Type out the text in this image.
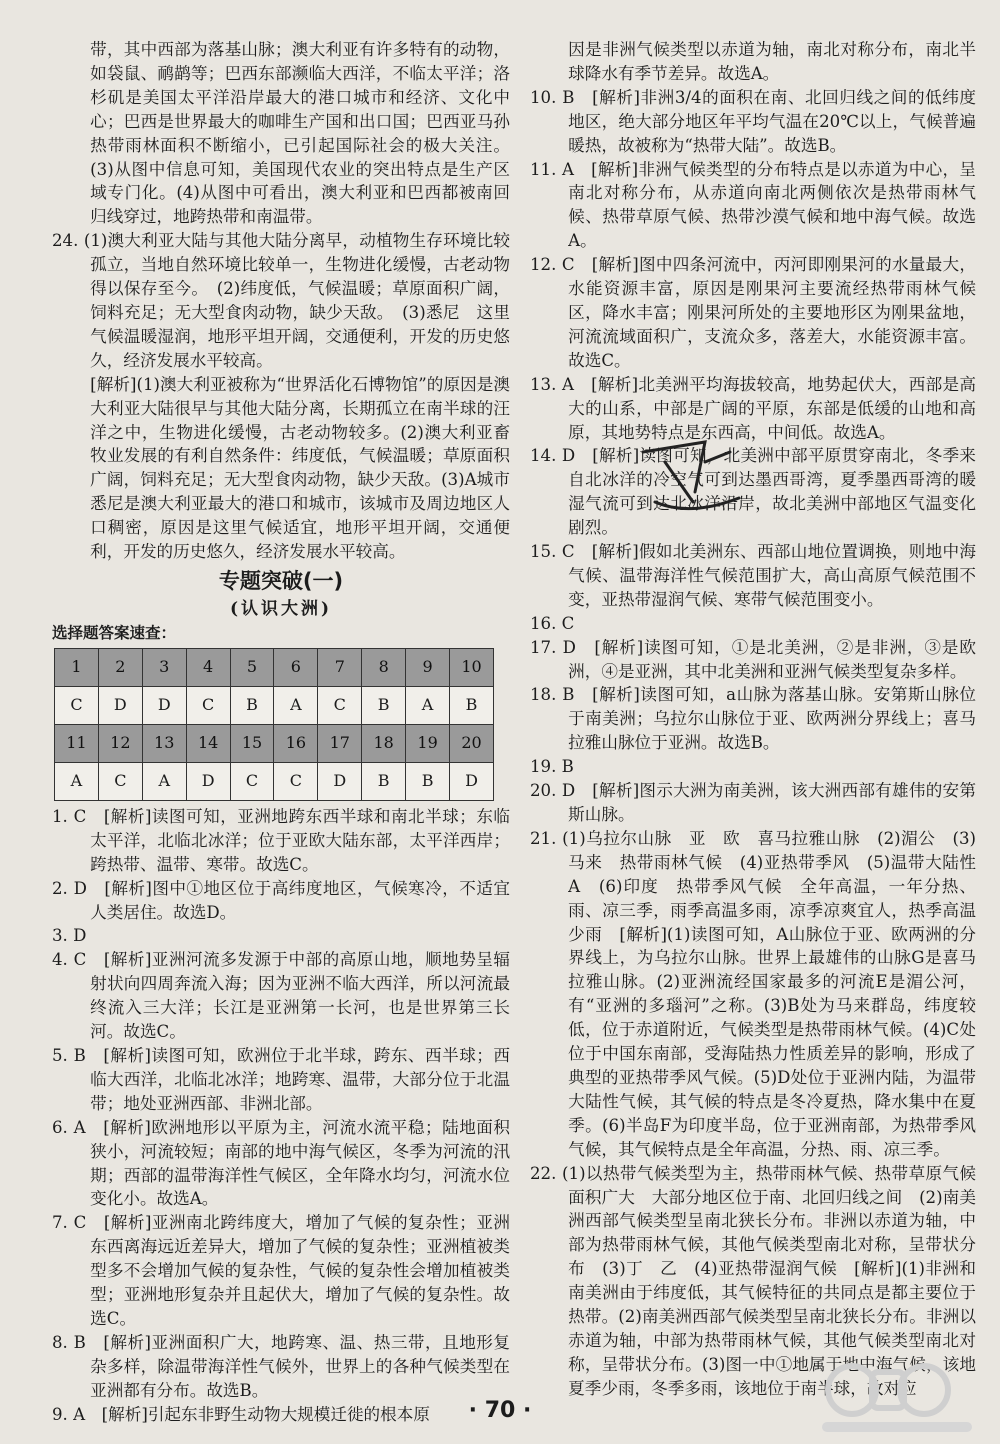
带，其中西部为落基山脉；澳大利亚有许多特有的动物，如袋鼠、鸸鹋等；巴西东部濒临大西洋，不临太平洋；洛杉矶是美国太平洋沿岸最大的港口城市和经济、文化中心；巴西是世界最大的咖啡生产国和出口国；巴西亚马孙热带雨林面积不断缩小，已引起国际社会的极大关注。(3)从图中信息可知，美国现代农业的突出特点是生产区域专门化。(4)从图中可看出，澳大利亚和巴西都被南回归线穿过，地跨热带和南温带。

24. (1)澳大利亚大陆与其他大陆分离早，动植物生存环境比较孤立，当地自然环境比较单一，生物进化缓慢，古老动物得以保存至今。　(2)纬度低，气候温暖；草原面积广阔，饲料充足；无大型食肉动物，缺少天敌。　(3)悉尼　这里气候温暖湿润，地形平坦开阔，交通便利，开发的历史悠久，经济发展水平较高。

[解析](1)澳大利亚被称为“世界活化石博物馆”的原因是澳大利亚大陆很早与其他大陆分离，长期孤立在南半球的汪洋之中，生物进化缓慢，古老动物较多。(2)澳大利亚畜牧业发展的有利自然条件：纬度低，气候温暖；草原面积广阔，饲料充足；无大型食肉动物，缺少天敌。(3)A城市悉尼是澳大利亚最大的港口和城市，该城市及周边地区人口稠密，原因是这里气候适宜，地形平坦开阔，交通便利，开发的历史悠久，经济发展水平较高。

专题突破(一)
(认识大洲)

选择题答案速查：

1	2	3	4	5	6	7	8	9	10
C	D	D	C	B	A	C	B	A	B
11	12	13	14	15	16	17	18	19	20
A	C	A	D	C	C	D	B	B	D

1. C　[解析]读图可知，亚洲地跨东西半球和南北半球；东临太平洋，北临北冰洋；位于亚欧大陆东部，太平洋西岸；跨热带、温带、寒带。故选C。

2. D　[解析]图中①地区位于高纬度地区，气候寒冷，不适宜人类居住。故选D。

3. D

4. C　[解析]亚洲河流多发源于中部的高原山地，顺地势呈辐射状向四周奔流入海；因为亚洲不临大西洋，所以河流最终流入三大洋；长江是亚洲第一长河，也是世界第三长河。故选C。

5. B　[解析]读图可知，欧洲位于北半球，跨东、西半球；西临大西洋，北临北冰洋；地跨寒、温带，大部分位于北温带；地处亚洲西部、非洲北部。

6. A　[解析]欧洲地形以平原为主，河流水流平稳；陆地面积狭小，河流较短；南部的地中海气候区，冬季为河流的汛期；西部的温带海洋性气候区，全年降水均匀，河流水位变化小。故选A。

7. C　[解析]亚洲南北跨纬度大，增加了气候的复杂性；亚洲东西离海远近差异大，增加了气候的复杂性；亚洲植被类型多不会增加气候的复杂性，气候的复杂性会增加植被类型；亚洲地形复杂并且起伏大，增加了气候的复杂性。故选C。

8. B　[解析]亚洲面积广大，地跨寒、温、热三带，且地形复杂多样，除温带海洋性气候外，世界上的各种气候类型在亚洲都有分布。故选B。

9. A　[解析]引起东非野生动物大规模迁徙的根本原

因是非洲气候类型以赤道为轴，南北对称分布，南北半球降水有季节差异。故选A。

10. B　[解析]非洲3/4的面积在南、北回归线之间的低纬度地区，绝大部分地区年平均气温在20℃以上，气候普遍暖热，故被称为“热带大陆”。故选B。

11. A　[解析]非洲气候类型的分布特点是以赤道为中心，呈南北对称分布，从赤道向南北两侧依次是热带雨林气候、热带草原气候、热带沙漠气候和地中海气候。故选A。

12. C　[解析]图中四条河流中，丙河即刚果河的水量最大，水能资源丰富，原因是刚果河主要流经热带雨林气候区，降水丰富；刚果河所处的主要地形区为刚果盆地，河流流域面积广，支流众多，落差大，水能资源丰富。故选C。

13. A　[解析]北美洲平均海拔较高，地势起伏大，西部是高大的山系，中部是广阔的平原，东部是低缓的山地和高原，其地势特点是东西高，中间低。故选A。

14. D　[解析]读图可知，北美洲中部平原贯穿南北，冬季来自北冰洋的冷空气可到达墨西哥湾，夏季墨西哥湾的暖湿气流可到达北冰洋沿岸，故北美洲中部地区气温变化剧烈。

15. C　[解析]假如北美洲东、西部山地位置调换，则地中海气候、温带海洋性气候范围扩大，高山高原气候范围不变，亚热带湿润气候、寒带气候范围变小。

16. C

17. D　[解析]读图可知，①是北美洲，②是非洲，③是欧洲，④是亚洲，其中北美洲和亚洲气候类型复杂多样。

18. B　[解析]读图可知，a山脉为落基山脉。安第斯山脉位于南美洲；乌拉尔山脉位于亚、欧两洲分界线上；喜马拉雅山脉位于亚洲。故选B。

19. B

20. D　[解析]图示大洲为南美洲，该大洲西部有雄伟的安第斯山脉。

21. (1)乌拉尔山脉　亚　欧　喜马拉雅山脉　(2)湄公　(3)马来　热带雨林气候　(4)亚热带季风　(5)温带大陆性　A　(6)印度　热带季风气候　全年高温，一年分热、雨、凉三季，雨季高温多雨，凉季凉爽宜人，热季高温少雨　[解析](1)读图可知，A山脉位于亚、欧两洲的分界线上，为乌拉尔山脉。世界上最雄伟的山脉G是喜马拉雅山脉。(2)亚洲流经国家最多的河流E是湄公河，有“亚洲的多瑙河”之称。(3)B处为马来群岛，纬度较低，位于赤道附近，气候类型是热带雨林气候。(4)C处位于中国东南部，受海陆热力性质差异的影响，形成了典型的亚热带季风气候。(5)D处位于亚洲内陆，为温带大陆性气候，其气候的特点是冬冷夏热，降水集中在夏季。(6)半岛F为印度半岛，位于亚洲南部，为热带季风气候，其气候特点是全年高温，分热、雨、凉三季。

22. (1)以热带气候类型为主，热带雨林气候、热带草原气候面积广大　大部分地区位于南、北回归线之间　(2)南美洲西部气候类型呈南北狭长分布。非洲以赤道为轴，中部为热带雨林气候，其他气候类型南北对称，呈带状分布　(3)丁　乙　(4)亚热带湿润气候　[解析](1)非洲和南美洲由于纬度低，其气候特征的共同点是都主要位于热带。(2)南美洲西部气候类型呈南北狭长分布。非洲以赤道为轴，中部为热带雨林气候，其他气候类型南北对称，呈带状分布。(3)图一中①地属于地中海气候，该地夏季少雨，冬季多雨，该地位于南半球，故对应

· 70 ·
